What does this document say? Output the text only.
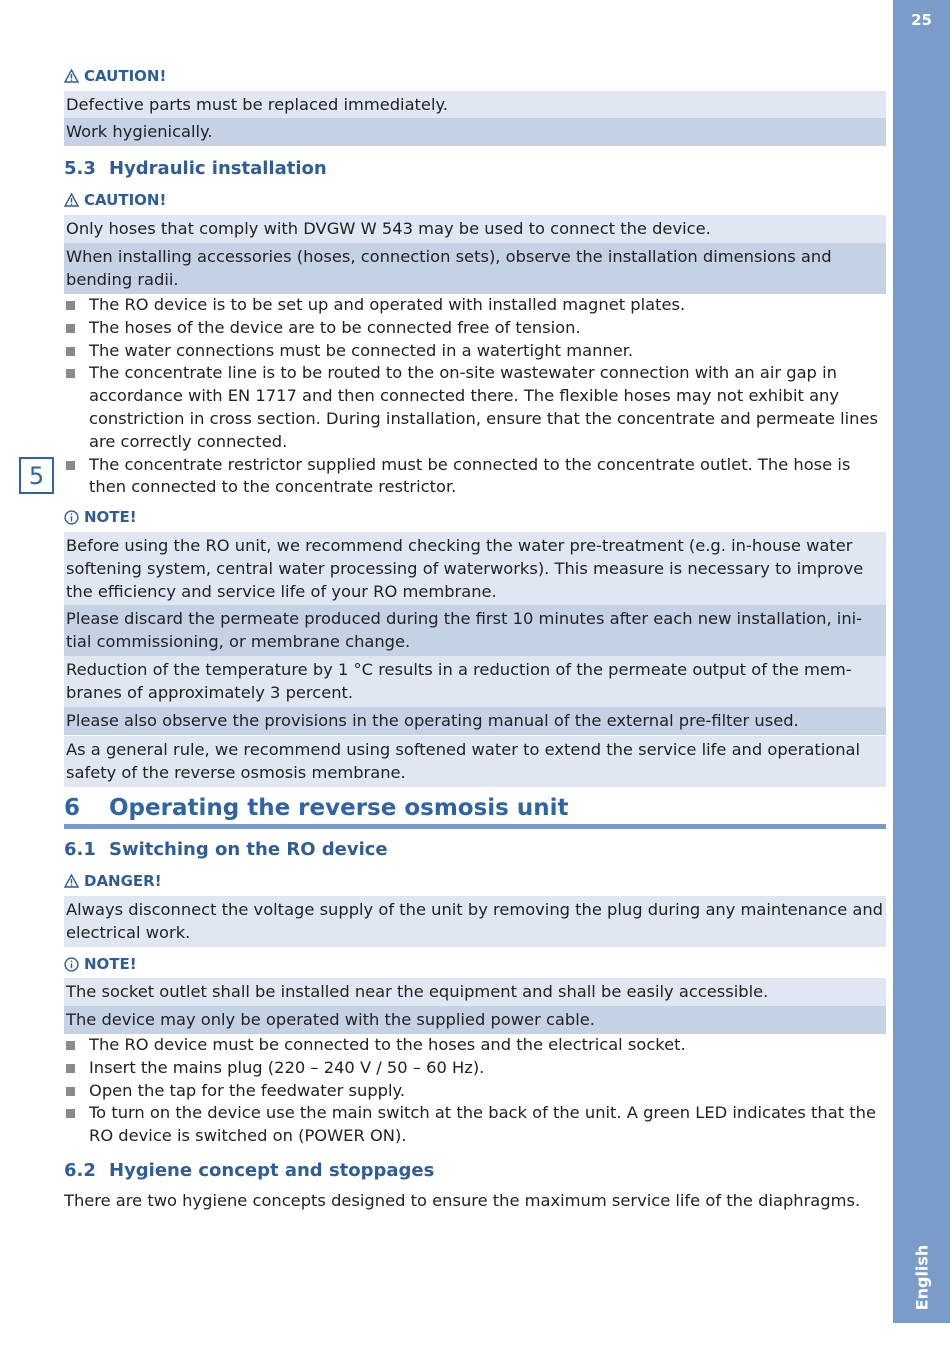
25
English
5
CAUTION!
Defective parts must be replaced immediately.
Work hygienically.
5.3 Hydraulic installation
CAUTION!
Only hoses that comply with DVGW W 543 may be used to connect the device.
When installing accessories (hoses, connection sets), observe the installation dimensions and bending radii.
The RO device is to be set up and operated with installed magnet plates.
The hoses of the device are to be connected free of tension.
The water connections must be connected in a watertight manner.
The concentrate line is to be routed to the on-site wastewater connection with an air gap in accordance with EN 1717 and then connected there. The flexible hoses may not exhibit any constriction in cross section. During installation, ensure that the concentrate and permeate lines are correctly connected.
The concentrate restrictor supplied must be connected to the concentrate outlet. The hose is then connected to the concentrate restrictor.
NOTE!
Before using the RO unit, we recommend checking the water pre-treatment (e.g. in-house water softening system, central water processing of waterworks). This measure is necessary to improve the efficiency and service life of your RO membrane.
Please discard the permeate produced during the first 10 minutes after each new installation, ini-tial commissioning, or membrane change.
Reduction of the temperature by 1 °C results in a reduction of the permeate output of the mem-branes of approximately 3 percent.
Please also observe the provisions in the operating manual of the external pre-filter used.
As a general rule, we recommend using softened water to extend the service life and operational safety of the reverse osmosis membrane.
6	Operating the reverse osmosis unit
6.1 Switching on the RO device
DANGER!
Always disconnect the voltage supply of the unit by removing the plug during any maintenance and electrical work.
NOTE!
The socket outlet shall be installed near the equipment and shall be easily accessible.
The device may only be operated with the supplied power cable.
The RO device must be connected to the hoses and the electrical socket.
Insert the mains plug (220 – 240 V / 50 – 60 Hz).
Open the tap for the feedwater supply.
To turn on the device use the main switch at the back of the unit. A green LED indicates that the RO device is switched on (POWER ON).
6.2 Hygiene concept and stoppages
There are two hygiene concepts designed to ensure the maximum service life of the diaphragms.
